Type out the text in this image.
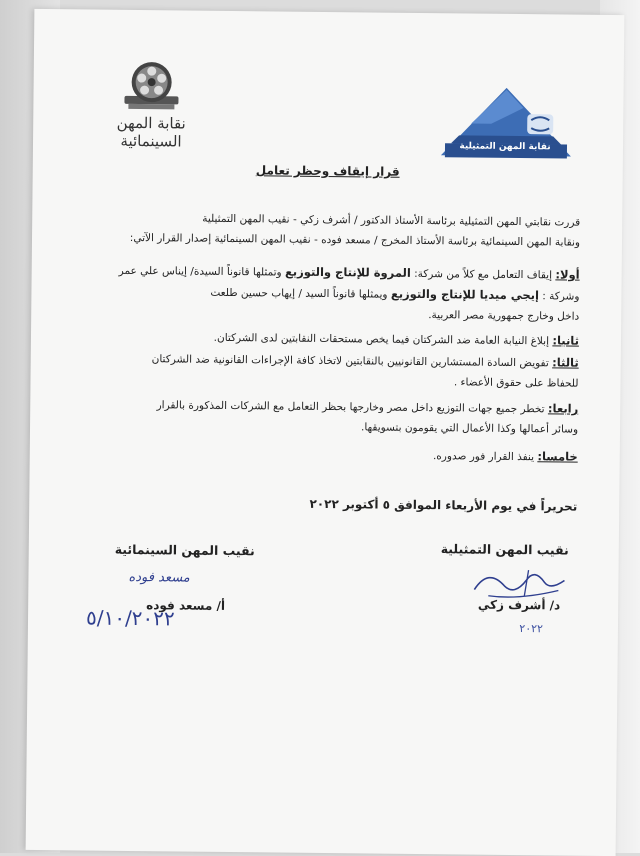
نقابة المهن السينمائية	نقابة المهن التمثيلية
قرار إيقاف وحظر تعامل
قررت نقابتي المهن التمثيلية برئاسة الأستاذ الدكتور / أشرف زكي - نقيب المهن التمثيلية
ونقابة المهن السينمائية برئاسة الأستاذ المخرج / مسعد فوده - نقيب المهن السينمائية إصدار القرار الآتي:
أولا: إيقاف التعامل مع كلاً من شركة: المروة للإنتاج والتوزيع وتمثلها قانوناً السيدة/ إيناس علي عمر
وشركة : إيجي ميديا للإنتاج والتوزيع ويمثلها قانوناً السيد / إيهاب حسين طلعت
داخل وخارج جمهورية مصر العربية.
ثانيا: إبلاغ النيابة العامة ضد الشركتان فيما يخص مستحقات النقابتين لدى الشركتان.
ثالثا: تفويض السادة المستشارين القانونيين بالنقابتين لاتخاذ كافة الإجراءات القانونية ضد الشركتان
للحفاظ على حقوق الأعضاء .
رابعا: تخطر جميع جهات التوزيع داخل مصر وخارجها بحظر التعامل مع الشركات المذكورة بالقرار
وسائر أعمالها وكذا الأعمال التي يقومون بتسويقها.
خامسا: ينفذ القرار فور صدوره.
تحريراً في يوم الأربعاء الموافق ٥ أكتوبر ٢٠٢٢
نقيب المهن التمثيلية
د/ أشرف زكي
٢٠٢٢
نقيب المهن السينمائية
مسعد فوده
أ/ مسعد فوده
٥/١٠/٢٠٢٢
